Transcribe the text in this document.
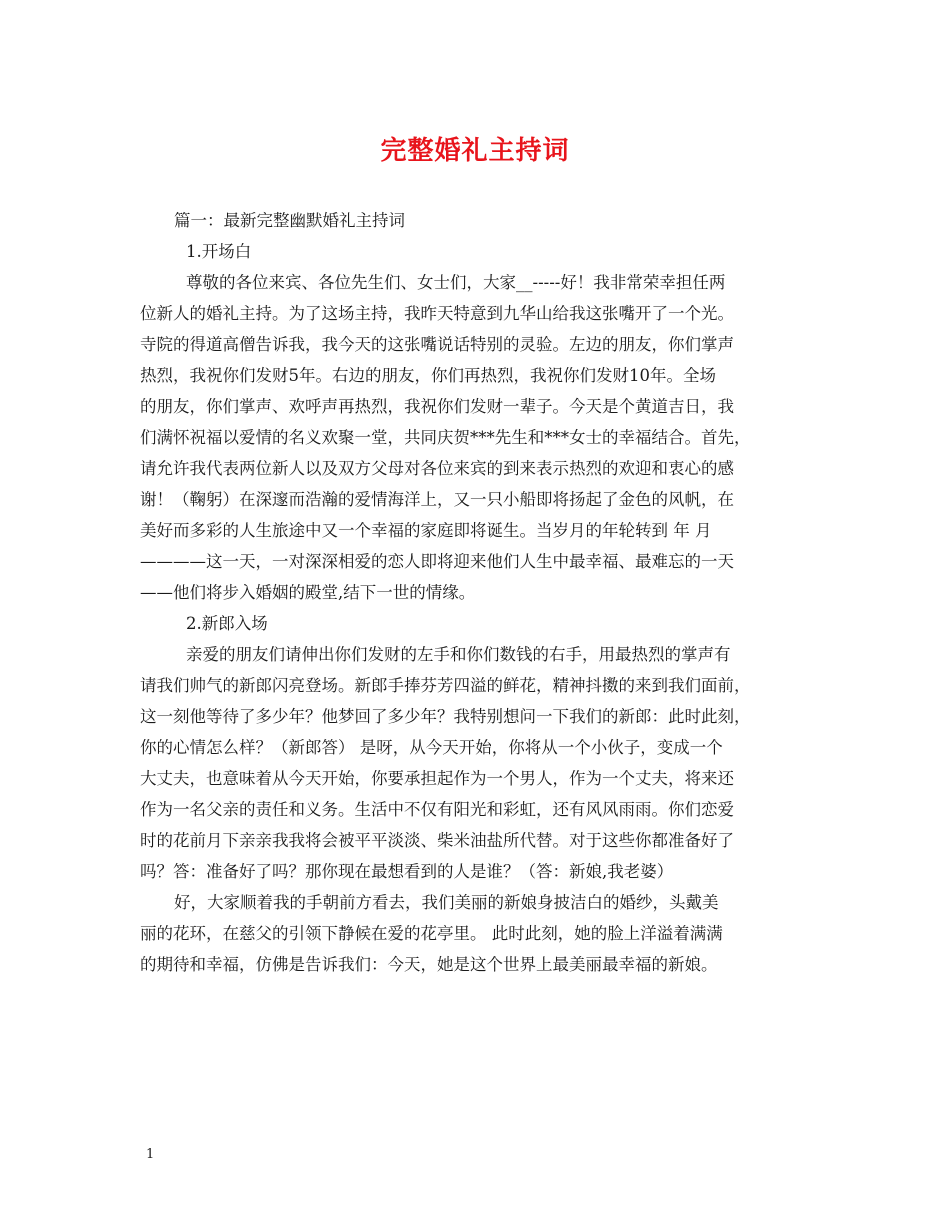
完整婚礼主持词
篇一：最新完整幽默婚礼主持词
1.开场白
尊敬的各位来宾、各位先生们、女士们，大家__-----好！我非常荣幸担任两
位新人的婚礼主持。为了这场主持，我昨天特意到九华山给我这张嘴开了一个光。
寺院的得道高僧告诉我，我今天的这张嘴说话特别的灵验。左边的朋友，你们掌声
热烈，我祝你们发财5年。右边的朋友，你们再热烈，我祝你们发财10年。全场
的朋友，你们掌声、欢呼声再热烈，我祝你们发财一辈子。今天是个黄道吉日，我
们满怀祝福以爱情的名义欢聚一堂，共同庆贺***先生和***女士的幸福结合。首先，
请允许我代表两位新人以及双方父母对各位来宾的到来表示热烈的欢迎和衷心的感
谢！（鞠躬）在深邃而浩瀚的爱情海洋上，又一只小船即将扬起了金色的风帆，在
美好而多彩的人生旅途中又一个幸福的家庭即将诞生。当岁月的年轮转到 年 月
————这一天，一对深深相爱的恋人即将迎来他们人生中最幸福、最难忘的一天
——他们将步入婚姻的殿堂,结下一世的情缘。
2.新郎入场
亲爱的朋友们请伸出你们发财的左手和你们数钱的右手，用最热烈的掌声有
请我们帅气的新郎闪亮登场。新郎手捧芬芳四溢的鲜花，精神抖擞的来到我们面前，
这一刻他等待了多少年？他梦回了多少年？我特别想问一下我们的新郎：此时此刻，
你的心情怎么样？（新郎答） 是呀，从今天开始，你将从一个小伙子，变成一个
大丈夫，也意味着从今天开始，你要承担起作为一个男人，作为一个丈夫，将来还
作为一名父亲的责任和义务。生活中不仅有阳光和彩虹，还有风风雨雨。你们恋爱
时的花前月下亲亲我我将会被平平淡淡、柴米油盐所代替。对于这些你都准备好了
吗？答：准备好了吗？那你现在最想看到的人是谁？（答：新娘,我老婆）
好，大家顺着我的手朝前方看去，我们美丽的新娘身披洁白的婚纱，头戴美
丽的花环，在慈父的引领下静候在爱的花亭里。 此时此刻，她的脸上洋溢着满满
的期待和幸福，仿佛是告诉我们：今天，她是这个世界上最美丽最幸福的新娘。
1
